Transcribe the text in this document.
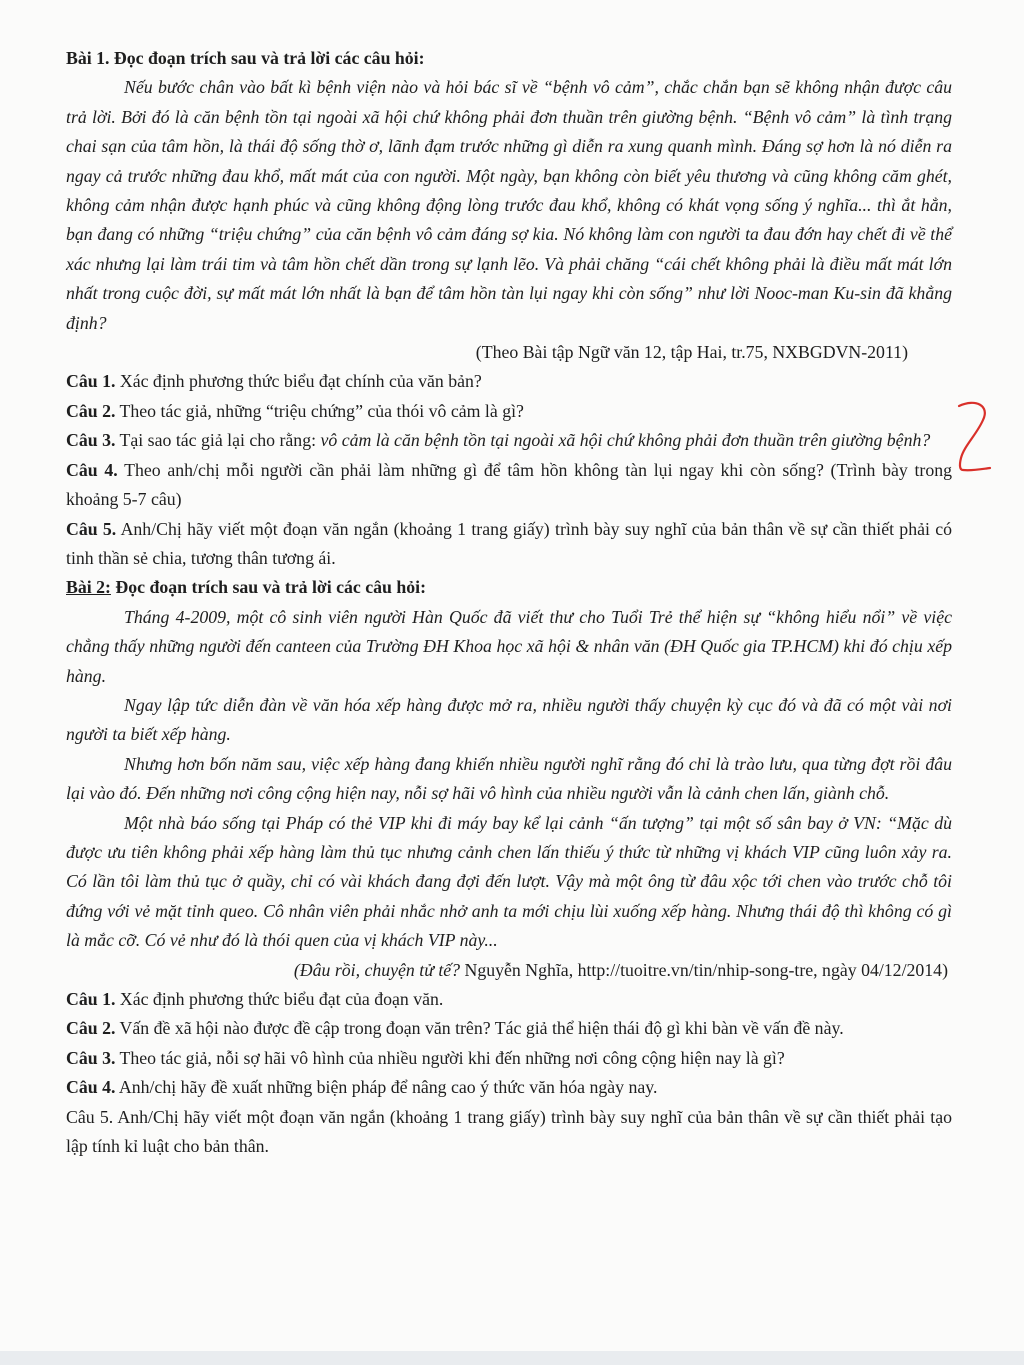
Bài 1. Đọc đoạn trích sau và trả lời các câu hỏi:

Nếu bước chân vào bất kì bệnh viện nào và hỏi bác sĩ về “bệnh vô cảm”, chắc chắn bạn sẽ không nhận được câu trả lời. Bởi đó là căn bệnh tồn tại ngoài xã hội chứ không phải đơn thuần trên giường bệnh. “Bệnh vô cảm” là tình trạng chai sạn của tâm hồn, là thái độ sống thờ ơ, lãnh đạm trước những gì diễn ra xung quanh mình. Đáng sợ hơn là nó diễn ra ngay cả trước những đau khổ, mất mát của con người. Một ngày, bạn không còn biết yêu thương và cũng không căm ghét, không cảm nhận được hạnh phúc và cũng không động lòng trước đau khổ, không có khát vọng sống ý nghĩa... thì ắt hẳn, bạn đang có những “triệu chứng” của căn bệnh vô cảm đáng sợ kia. Nó không làm con người ta đau đớn hay chết đi về thể xác nhưng lại làm trái tim và tâm hồn chết dần trong sự lạnh lẽo. Và phải chăng “cái chết không phải là điều mất mát lớn nhất trong cuộc đời, sự mất mát lớn nhất là bạn để tâm hồn tàn lụi ngay khi còn sống” như lời Nooc-man Ku-sin đã khẳng định?

(Theo Bài tập Ngữ văn 12, tập Hai, tr.75, NXBGDVN-2011)

Câu 1. Xác định phương thức biểu đạt chính của văn bản?

Câu 2. Theo tác giả, những “triệu chứng” của thói vô cảm là gì?

Câu 3. Tại sao tác giả lại cho rằng: vô cảm là căn bệnh tồn tại ngoài xã hội chứ không phải đơn thuần trên giường bệnh?

Câu 4. Theo anh/chị mỗi người cần phải làm những gì để tâm hồn không tàn lụi ngay khi còn sống? (Trình bày trong khoảng 5-7 câu)

Câu 5. Anh/Chị hãy viết một đoạn văn ngắn (khoảng 1 trang giấy) trình bày suy nghĩ của bản thân về sự cần thiết phải có tinh thần sẻ chia, tương thân tương ái.

Bài 2: Đọc đoạn trích sau và trả lời các câu hỏi:

Tháng 4-2009, một cô sinh viên người Hàn Quốc đã viết thư cho Tuổi Trẻ thể hiện sự “không hiểu nổi” về việc chẳng thấy những người đến canteen của Trường ĐH Khoa học xã hội & nhân văn (ĐH Quốc gia TP.HCM) khi đó chịu xếp hàng.

Ngay lập tức diễn đàn về văn hóa xếp hàng được mở ra, nhiều người thấy chuyện kỳ cục đó và đã có một vài nơi người ta biết xếp hàng.

Nhưng hơn bốn năm sau, việc xếp hàng đang khiến nhiều người nghĩ rằng đó chỉ là trào lưu, qua từng đợt rồi đâu lại vào đó. Đến những nơi công cộng hiện nay, nỗi sợ hãi vô hình của nhiều người vẫn là cảnh chen lấn, giành chỗ.

Một nhà báo sống tại Pháp có thẻ VIP khi đi máy bay kể lại cảnh “ấn tượng” tại một số sân bay ở VN: “Mặc dù được ưu tiên không phải xếp hàng làm thủ tục nhưng cảnh chen lấn thiếu ý thức từ những vị khách VIP cũng luôn xảy ra. Có lần tôi làm thủ tục ở quầy, chỉ có vài khách đang đợi đến lượt. Vậy mà một ông từ đâu xộc tới chen vào trước chỗ tôi đứng với vẻ mặt tỉnh queo. Cô nhân viên phải nhắc nhở anh ta mới chịu lùi xuống xếp hàng. Nhưng thái độ thì không có gì là mắc cỡ. Có vẻ như đó là thói quen của vị khách VIP này...

(Đâu rồi, chuyện tử tế? Nguyễn Nghĩa, http://tuoitre.vn/tin/nhip-song-tre, ngày 04/12/2014)

Câu 1. Xác định phương thức biểu đạt của đoạn văn.

Câu 2. Vấn đề xã hội nào được đề cập trong đoạn văn trên? Tác giả thể hiện thái độ gì khi bàn về vấn đề này.

Câu 3. Theo tác giả, nỗi sợ hãi vô hình của nhiều người khi đến những nơi công cộng hiện nay là gì?

Câu 4. Anh/chị hãy đề xuất những biện pháp để nâng cao ý thức văn hóa ngày nay.

Câu 5. Anh/Chị hãy viết một đoạn văn ngắn (khoảng 1 trang giấy) trình bày suy nghĩ của bản thân về sự cần thiết phải tạo lập tính kỉ luật cho bản thân.
